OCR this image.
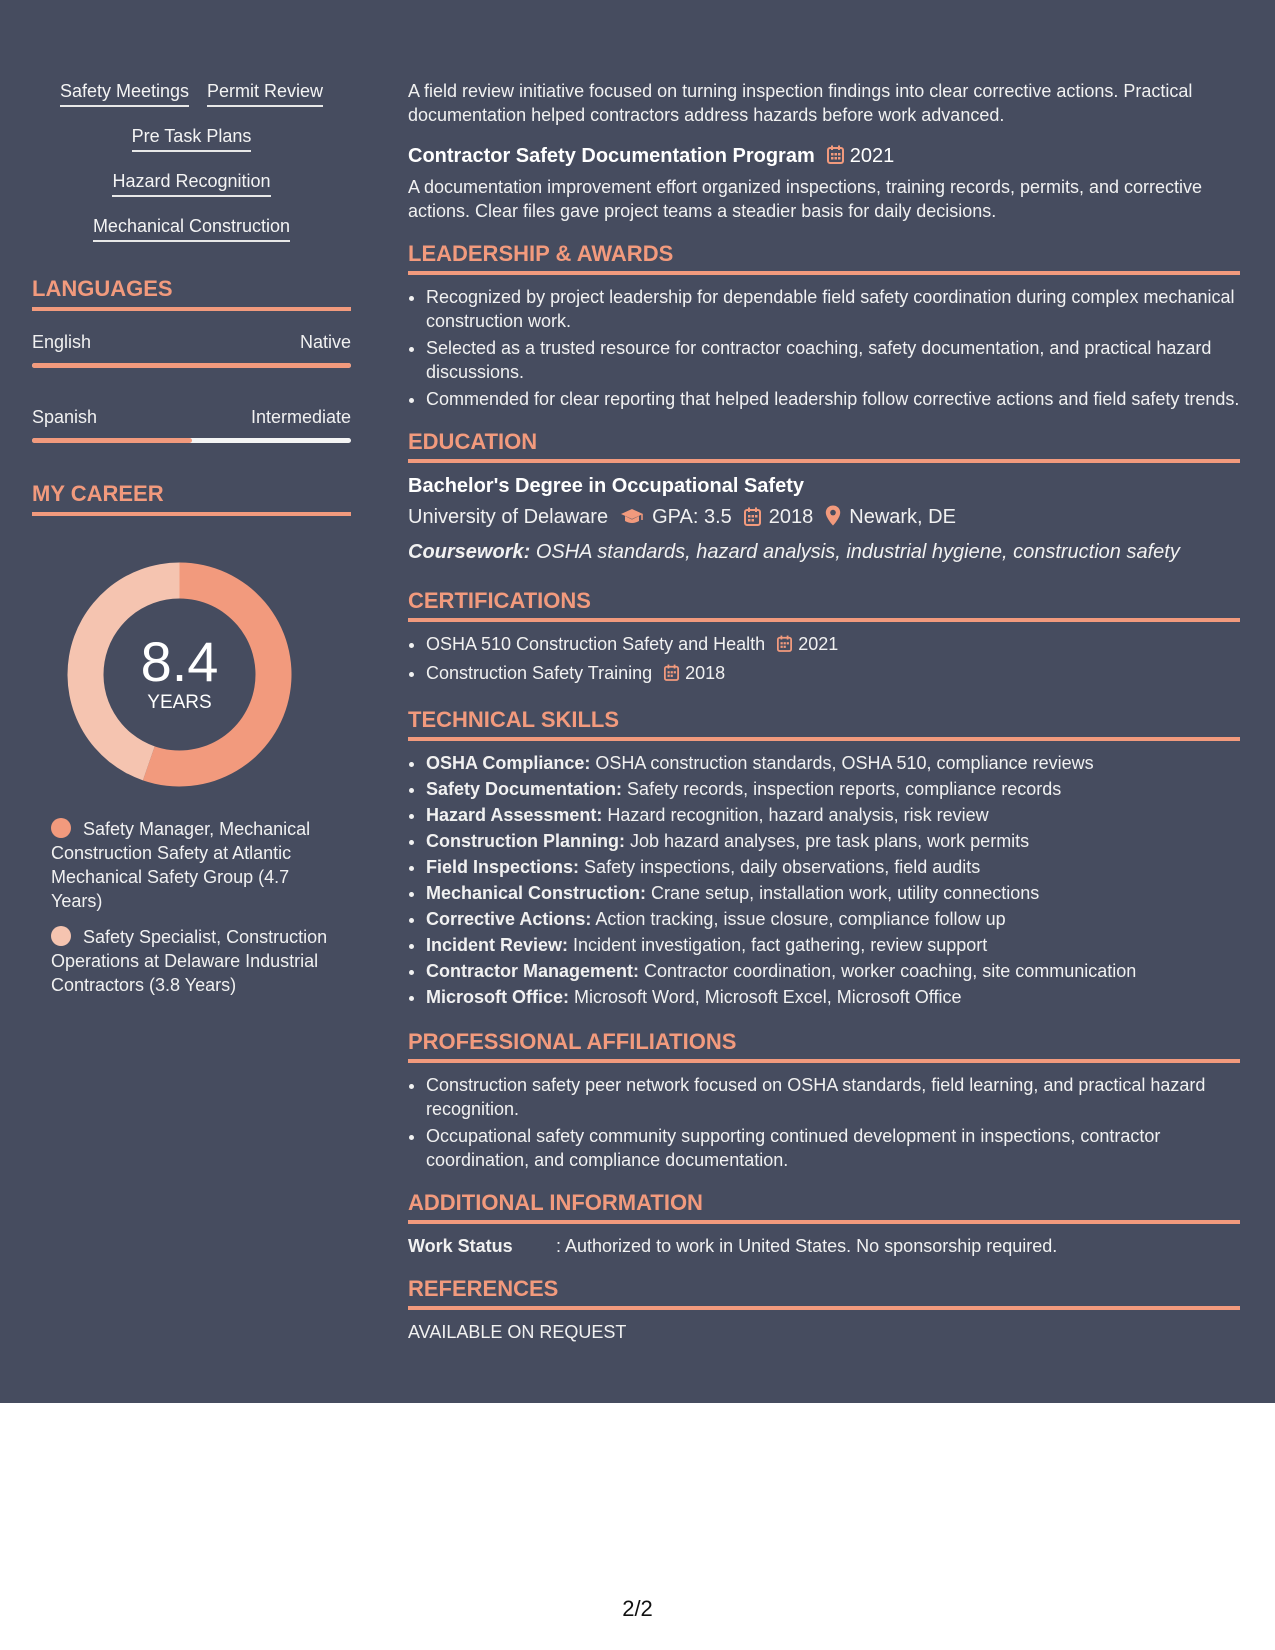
Safety Meetings Permit Review
Pre Task Plans
Hazard Recognition
Mechanical Construction
LANGUAGES
English	Native
Spanish	Intermediate
MY CAREER
8.4
YEARS
Safety Manager, Mechanical Construction Safety at Atlantic Mechanical Safety Group (4.7 Years)
Safety Specialist, Construction Operations at Delaware Industrial Contractors (3.8 Years)

A field review initiative focused on turning inspection findings into clear corrective actions. Practical documentation helped contractors address hazards before work advanced.

Contractor Safety Documentation Program 2021

A documentation improvement effort organized inspections, training records, permits, and corrective actions. Clear files gave project teams a steadier basis for daily decisions.

LEADERSHIP & AWARDS
• Recognized by project leadership for dependable field safety coordination during complex mechanical construction work.
• Selected as a trusted resource for contractor coaching, safety documentation, and practical hazard discussions.
• Commended for clear reporting that helped leadership follow corrective actions and field safety trends.
EDUCATION
Bachelor's Degree in Occupational Safety
University of Delaware GPA: 3.5 2018 Newark, DE
Coursework: OSHA standards, hazard analysis, industrial hygiene, construction safety
CERTIFICATIONS
• OSHA 510 Construction Safety and Health 2021
• Construction Safety Training 2018
TECHNICAL SKILLS
• OSHA Compliance: OSHA construction standards, OSHA 510, compliance reviews
• Safety Documentation: Safety records, inspection reports, compliance records
• Hazard Assessment: Hazard recognition, hazard analysis, risk review
• Construction Planning: Job hazard analyses, pre task plans, work permits
• Field Inspections: Safety inspections, daily observations, field audits
• Mechanical Construction: Crane setup, installation work, utility connections
• Corrective Actions: Action tracking, issue closure, compliance follow up
• Incident Review: Incident investigation, fact gathering, review support
• Contractor Management: Contractor coordination, worker coaching, site communication
• Microsoft Office: Microsoft Word, Microsoft Excel, Microsoft Office
PROFESSIONAL AFFILIATIONS
• Construction safety peer network focused on OSHA standards, field learning, and practical hazard recognition.
• Occupational safety community supporting continued development in inspections, contractor coordination, and compliance documentation.
ADDITIONAL INFORMATION
Work Status : Authorized to work in United States. No sponsorship required.
REFERENCES
AVAILABLE ON REQUEST
2/2
